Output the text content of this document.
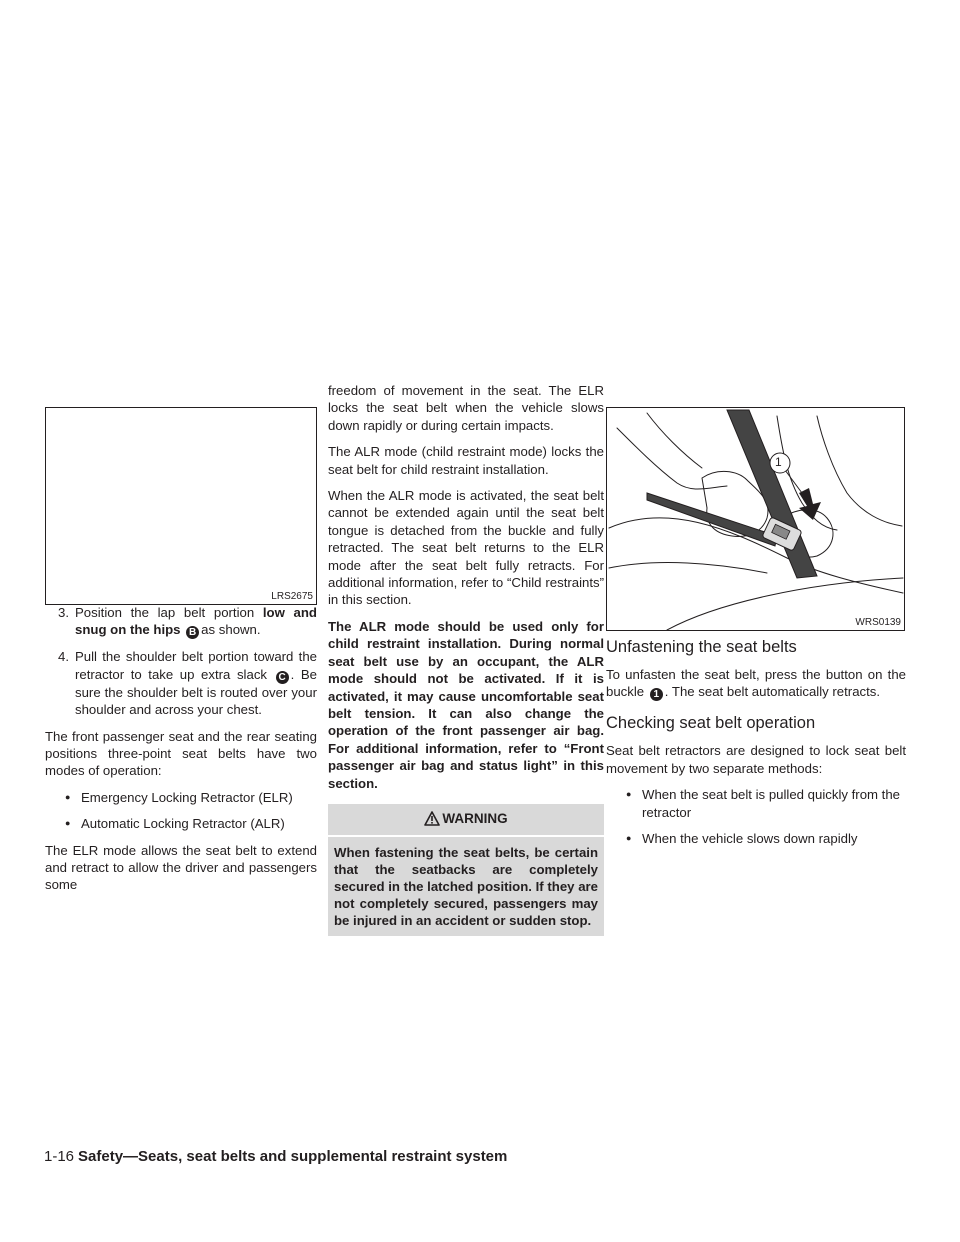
LRS2675
1
WRS0139
3. Position the lap belt portion low and snug on the hips B as shown.
4. Pull the shoulder belt portion toward the retractor to take up extra slack C . Be sure the shoulder belt is routed over your shoulder and across your chest.

The front passenger seat and the rear seating positions three-point seat belts have two modes of operation:

● Emergency Locking Retractor (ELR)
● Automatic Locking Retractor (ALR)

The ELR mode allows the seat belt to extend and retract to allow the driver and passengers some

freedom of movement in the seat. The ELR locks the seat belt when the vehicle slows down rapidly or during certain impacts.

The ALR mode (child restraint mode) locks the seat belt for child restraint installation.

When the ALR mode is activated, the seat belt cannot be extended again until the seat belt tongue is detached from the buckle and fully retracted. The seat belt returns to the ELR mode after the seat belt fully retracts. For additional information, refer to “Child restraints” in this section.

The ALR mode should be used only for child restraint installation. During normal seat belt use by an occupant, the ALR mode should not be activated. If it is activated, it may cause uncomfortable seat belt tension. It can also change the operation of the front passenger air bag. For additional information, refer to “Front passenger air bag and status light” in this section.

WARNING
When fastening the seat belts, be certain that the seatbacks are completely secured in the latched position. If they are not completely secured, passengers may be injured in an accident or sudden stop.
Unfastening the seat belts

To unfasten the seat belt, press the button on the buckle 1 . The seat belt automatically retracts.

Checking seat belt operation

Seat belt retractors are designed to lock seat belt movement by two separate methods:

● When the seat belt is pulled quickly from the retractor
● When the vehicle slows down rapidly
1-16 Safety—Seats, seat belts and supplemental restraint system
